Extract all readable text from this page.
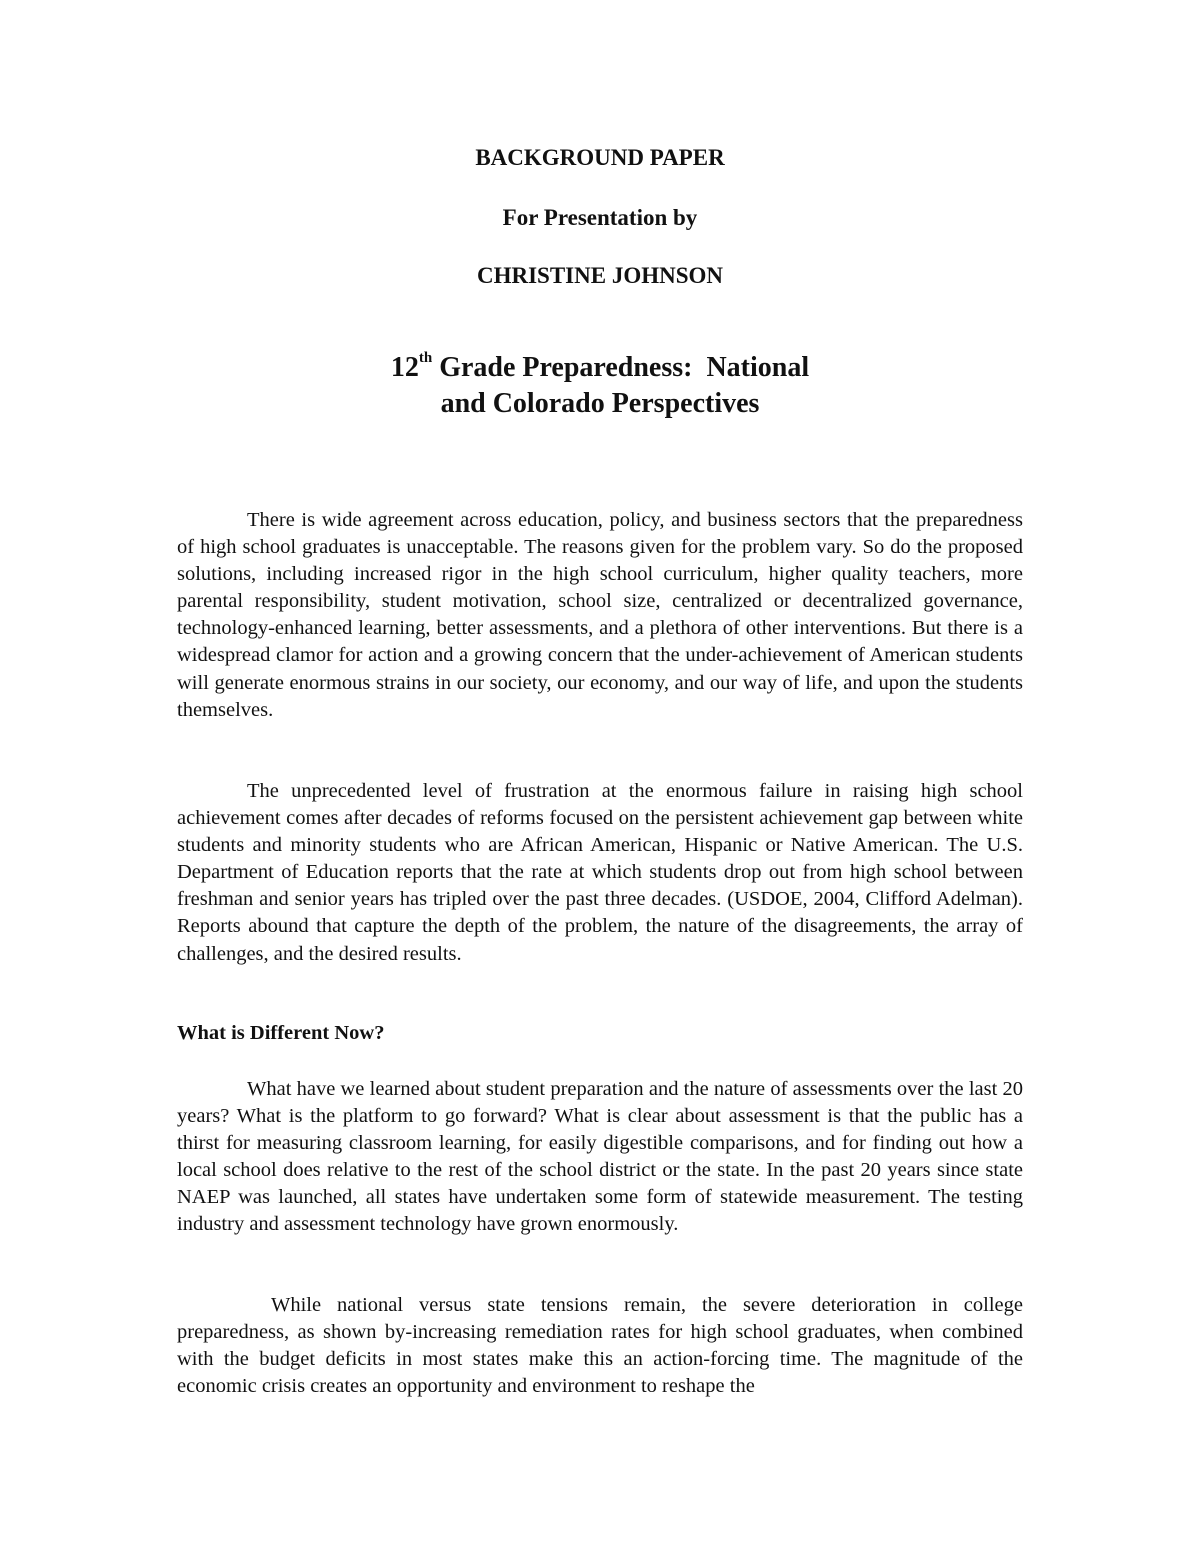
BACKGROUND PAPER
For Presentation by
CHRISTINE JOHNSON
12th Grade Preparedness:  National
and Colorado Perspectives

There is wide agreement across education, policy, and business sectors that the preparedness of high school graduates is unacceptable. The reasons given for the problem vary. So do the proposed solutions, including increased rigor in the high school curriculum, higher quality teachers, more parental responsibility, student motivation, school size, centralized or decentralized governance, technology-enhanced learning, better assessments, and a plethora of other interventions. But there is a widespread clamor for action and a growing concern that the under-achievement of American students will generate enormous strains in our society, our economy, and our way of life, and upon the students themselves.

The unprecedented level of frustration at the enormous failure in raising high school achievement comes after decades of reforms focused on the persistent achievement gap between white students and minority students who are African American, Hispanic or Native American. The U.S. Department of Education reports that the rate at which students drop out from high school between freshman and senior years has tripled over the past three decades. (USDOE, 2004, Clifford Adelman). Reports abound that capture the depth of the problem, the nature of the disagreements, the array of challenges, and the desired results.

What is Different Now?

What have we learned about student preparation and the nature of assessments over the last 20 years? What is the platform to go forward? What is clear about assessment is that the public has a thirst for measuring classroom learning, for easily digestible comparisons, and for finding out how a local school does relative to the rest of the school district or the state. In the past 20 years since state NAEP was launched, all states have undertaken some form of statewide measurement. The testing industry and assessment technology have grown enormously.

While national versus state tensions remain, the severe deterioration in college preparedness, as shown by-increasing remediation rates for high school graduates, when combined with the budget deficits in most states make this an action-forcing time. The magnitude of the economic crisis creates an opportunity and environment to reshape the
